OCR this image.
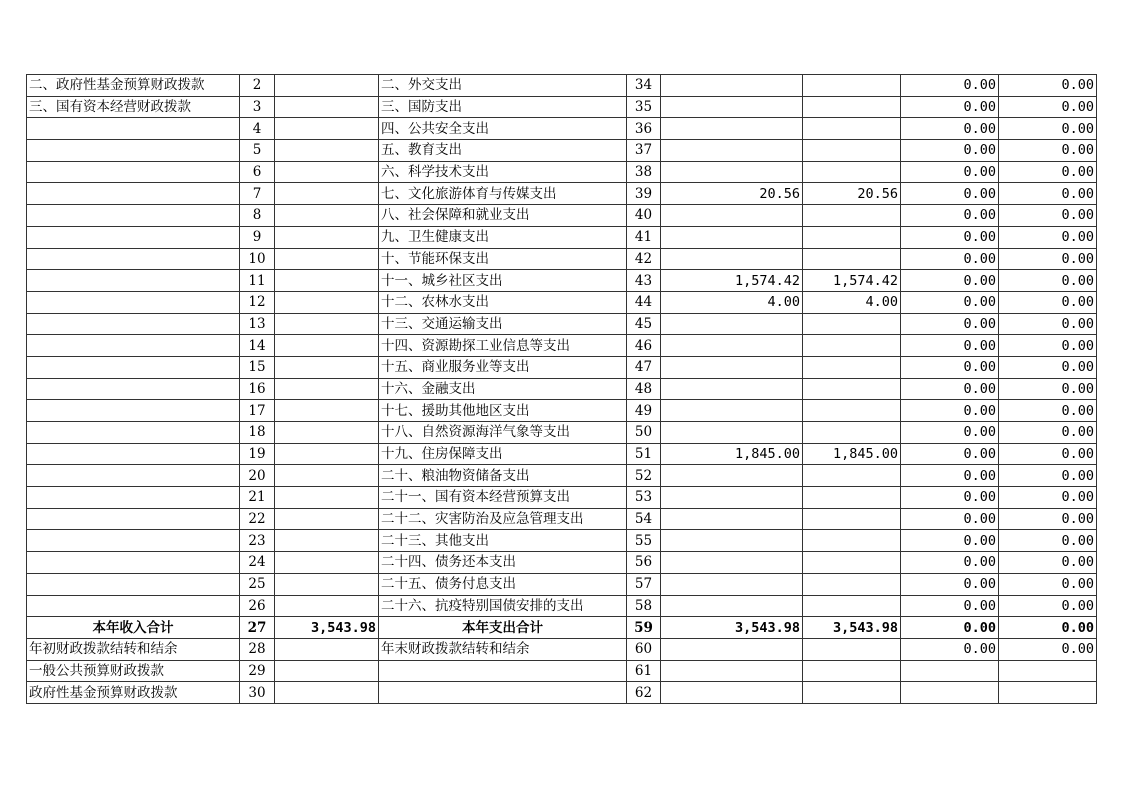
二、政府性基金预算财政拨款	2		二、外交支出	34			0.00	0.00
三、国有资本经营财政拨款	3		三、国防支出	35			0.00	0.00
	4		四、公共安全支出	36			0.00	0.00
	5		五、教育支出	37			0.00	0.00
	6		六、科学技术支出	38			0.00	0.00
	7		七、文化旅游体育与传媒支出	39	20.56	20.56	0.00	0.00
	8		八、社会保障和就业支出	40			0.00	0.00
	9		九、卫生健康支出	41			0.00	0.00
	10		十、节能环保支出	42			0.00	0.00
	11		十一、城乡社区支出	43	1,574.42	1,574.42	0.00	0.00
	12		十二、农林水支出	44	4.00	4.00	0.00	0.00
	13		十三、交通运输支出	45			0.00	0.00
	14		十四、资源勘探工业信息等支出	46			0.00	0.00
	15		十五、商业服务业等支出	47			0.00	0.00
	16		十六、金融支出	48			0.00	0.00
	17		十七、援助其他地区支出	49			0.00	0.00
	18		十八、自然资源海洋气象等支出	50			0.00	0.00
	19		十九、住房保障支出	51	1,845.00	1,845.00	0.00	0.00
	20		二十、粮油物资储备支出	52			0.00	0.00
	21		二十一、国有资本经营预算支出	53			0.00	0.00
	22		二十二、灾害防治及应急管理支出	54			0.00	0.00
	23		二十三、其他支出	55			0.00	0.00
	24		二十四、债务还本支出	56			0.00	0.00
	25		二十五、债务付息支出	57			0.00	0.00
	26		二十六、抗疫特别国债安排的支出	58			0.00	0.00
本年收入合计	27	3,543.98	本年支出合计	59	3,543.98	3,543.98	0.00	0.00
年初财政拨款结转和结余	28		年末财政拨款结转和结余	60			0.00	0.00
一般公共预算财政拨款	29			61				
政府性基金预算财政拨款	30			62				
